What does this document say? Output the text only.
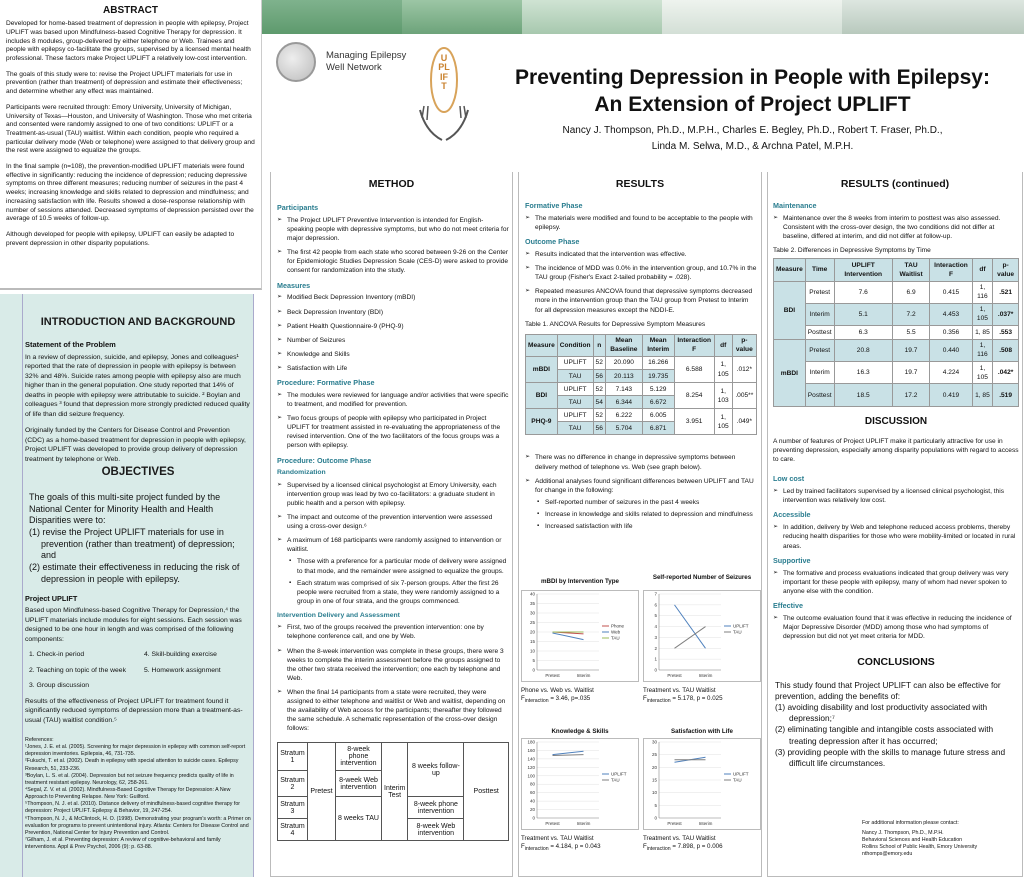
ABSTRACT

Developed for home-based treatment of depression in people with epilepsy, Project UPLIFT was based upon Mindfulness-based Cognitive Therapy for depression. It includes 8 modules, group-delivered by either telephone or Web. Trainees and people with epilepsy co-facilitate the groups, supervised by a licensed mental health professional. These factors make Project UPLIFT a relatively low-cost intervention.

The goals of this study were to: revise the Project UPLIFT materials for use in prevention (rather than treatment) of depression and estimate their effectiveness; and determine whether any effect was maintained.

Participants were recruited through: Emory University, University of Michigan, University of Texas—Houston, and University of Washington. Those who met criteria and consented were randomly assigned to one of two conditions: UPLIFT or a Treatment-as-usual (TAU) waitlist. Within each condition, people who required a particular delivery mode (Web or telephone) were assigned to that delivery group and the rest were assigned to equalize the groups.

In the final sample (n=108), the prevention-modified UPLIFT materials were found effective in significantly: reducing the incidence of depression; reducing depressive symptoms on three different measures; reducing number of seizures in the past 4 weeks; increasing knowledge and skills related to depression and mindfulness; and increasing satisfaction with life. Results showed a dose-response relationship with number of sessions attended. Decreased symptoms of depression persisted over the average of 10.5 weeks of follow-up.

Although developed for people with epilepsy, UPLIFT can easily be adapted to prevent depression in other disparity populations.

Managing Epilepsy
Well Network
UPLIFT	Preventing Depression in People with Epilepsy:
An Extension of Project UPLIFT
Nancy J. Thompson, Ph.D., M.P.H., Charles E. Begley, Ph.D., Robert T. Fraser, Ph.D.,
Linda M. Selwa, M.D., & Archna Patel, M.P.H.
INTRODUCTION AND BACKGROUND
Statement of the Problem

In a review of depression, suicide, and epilepsy, Jones and colleagues¹ reported that the rate of depression in people with epilepsy is between 32% and 48%. Suicide rates among people with epilepsy also are much higher than in the general population. One study reported that 14% of deaths in people with epilepsy were attributable to suicide. ² Boylan and colleagues ³ found that depression more strongly predicted reduced quality of life than did seizure frequency.

Originally funded by the Centers for Disease Control and Prevention (CDC) as a home-based treatment for depression in people with epilepsy, Project UPLIFT was developed to provide group delivery of depression treatment by telephone or Web.

OBJECTIVES
The goals of this multi-site project funded by the National Center for Minority Health and Health Disparities were to:
(1) revise the Project UPLIFT materials for use in prevention (rather than treatment) of depression; and
(2) estimate their effectiveness in reducing the risk of depression in people with epilepsy.
Project UPLIFT

Based upon Mindfulness-based Cognitive Therapy for Depression,⁴ the UPLIFT materials include modules for eight sessions. Each session was designed to be one hour in length and was comprised of the following components:

1. Check-in period	4. Skill-building exercise
2. Teaching on topic of the week	5. Homework assignment
3. Group discussion

Results of the effectiveness of Project UPLIFT for treatment found it significantly reduced symptoms of depression more than a treatment-as-usual (TAU) waitlist condition.⁵

References:
¹Jones, J. E. et al. (2005). Screening for major depression in epilepsy with common self-report depression inventories. Epilepsia, 46, 731-735.
²Fukuchi, T. et al. (2002). Death in epilepsy with special attention to suicide cases. Epilepsy Research, 51, 233-236.
³Boylan, L. S. et al. (2004). Depression but not seizure frequency predicts quality of life in treatment resistant epilepsy. Neurology, 62, 258-261.
⁴Segal, Z. V. et al. (2002). Mindfulness-Based Cognitive Therapy for Depression: A New Approach to Preventing Relapse. New York: Guilford.
⁵Thompson, N. J. et al. (2010). Distance delivery of mindfulness-based cognitive therapy for depression: Project UPLIFT. Epilepsy & Behavior, 19, 247-254.
⁶Thompson, N. J., & McClintock, H. O. (1998). Demonstrating your program's worth: a Primer on evaluation for programs to prevent unintentional injury. Atlanta: Centers for Disease Control and Prevention, National Center for Injury Prevention and Control.
⁷Gilham, J. et al. Preventing depression: A review of cognitive-behavioral and family interventions. Appl & Prev Psychol, 2006 (9): p. 63-88.
METHOD
Participants
➢ The Project UPLIFT Preventive Intervention is intended for English-speaking people with depressive symptoms, but who do not meet criteria for major depression.
➢ The first 42 people from each state who scored between 9-26 on the Center for Epidemiologic Studies Depression Scale (CES-D) were asked to provide consent for randomization into the study.
Measures
➢ Modified Beck Depression Inventory (mBDI)
➢ Beck Depression Inventory (BDI)
➢ Patient Health Questionnaire-9 (PHQ-9)
➢ Number of Seizures
➢ Knowledge and Skills
➢ Satisfaction with Life
Procedure: Formative Phase
➢ The modules were reviewed for language and/or activities that were specific to treatment, and modified for prevention.
➢ Two focus groups of people with epilepsy who participated in Project UPLIFT for treatment assisted in re-evaluating the appropriateness of the revised intervention. One of the two facilitators of the focus groups was a person with epilepsy.
Procedure: Outcome Phase
Randomization
➢ Supervised by a licensed clinical psychologist at Emory University, each intervention group was lead by two co-facilitators: a graduate student in public health and a person with epilepsy.
➢ The impact and outcome of the prevention intervention were assessed using a cross-over design.⁶
➢ A maximum of 168 participants were randomly assigned to intervention or waitlist.
▪ Those with a preference for a particular mode of delivery were assigned to that mode, and the remainder were assigned to equalize the groups.
▪ Each stratum was comprised of six 7-person groups. After the first 26 people were recruited from a state, they were randomly assigned to a group in one of four strata, and the groups commenced.
Intervention Delivery and Assessment
➢ First, two of the groups received the prevention intervention: one by telephone conference call, and one by Web.
➢ When the 8-week intervention was complete in these groups, there were 3 weeks to complete the interim assessment before the groups assigned to the other two strata received the intervention; one each by telephone and Web.
➢ When the final 14 participants from a state were recruited, they were assigned to either telephone and waitlist or Web and waitlist, depending on the availability of Web access for the participants; thereafter they followed the same schedule. A schematic representation of the cross-over design follows:
Stratum 1	Pretest	8-week phone intervention	Interim Test	8 weeks follow-up	Posttest
Stratum 2		8-week Web intervention			
Stratum 3		8 weeks TAU		8-week phone intervention	
Stratum 4				8-week Web intervention	
RESULTS
Formative Phase
➢ The materials were modified and found to be acceptable to the people with epilepsy.
Outcome Phase
➢ Results indicated that the intervention was effective.
➢ The incidence of MDD was 0.0% in the intervention group, and 10.7% in the TAU group (Fisher's Exact 2-tailed probability = .028).
➢ Repeated measures ANCOVA found that depressive symptoms decreased more in the intervention group than the TAU group from Pretest to Interim for all depression measures except the NDDI-E.
Table 1. ANCOVA Results for Depressive Symptom Measures
Measure	Condition	n	Mean Baseline	Mean Interim	Interaction F	df	p-value
mBDI	UPLIFT	52	20.090	16.266	6.588	1, 105	.012*
	TAU	56	20.113	19.735			
BDI	UPLIFT	52	7.143	5.129	8.254	1, 103	.005**
	TAU	54	6.344	6.672			
PHQ-9	UPLIFT	52	6.222	6.005	3.951	1, 105	.049*
	TAU	56	5.704	6.871			
➢ There was no difference in change in depressive symptoms between delivery method of telephone vs. Web (see graph below).
➢ Additional analyses found significant differences between UPLIFT and TAU for change in the following:
▪ Self-reported number of seizures in the past 4 weeks
▪ Increase in knowledge and skills related to depression and mindfulness
▪ Increased satisfaction with life
mBDI by Intervention Type
0
5
10
15
20
25
30
35
40
Pretest	Interim
Phone
Web
TAU
Phone vs. Web vs. Waitlist
$F_{interaction} = 3.46$, p=.035
Self-reported Number of Seizures
0
1
2
3
4
5
6
7
Pretest	Interim
UPLIFT
TAU
Treatment vs. TAU Waitlist
$F_{interaction} = 5.178$, p = 0.025
Knowledge & Skills
0
20
40
60
80
100
120
140
160
180
Pretest	Interim
UPLIFT
TAU
Treatment vs. TAU Waitlist
$F_{interaction} = 4.184$, p = 0.043
Satisfaction with Life
0
5
10
15
20
25
30
Pretest	Interim
UPLIFT
TAU
Treatment vs. TAU Waitlist
$F_{interaction} = 7.898$, p = 0.006
RESULTS (continued)
Maintenance
➢ Maintenance over the 8 weeks from interim to posttest was also assessed. Consistent with the cross-over design, the two conditions did not differ at baseline, differed at interim, and did not differ at follow-up.
Table 2. Differences in Depressive Symptoms by Time
Measure	Time	UPLIFT Intervention	TAU Waitlist	Interaction F	df	p-value
BDI	Pretest	7.6	6.9	0.415	1, 116	.521
	Interim	5.1	7.2	4.453	1, 105	.037*
	Posttest	6.3	5.5	0.356	1, 85	.553
mBDI	Pretest	20.8	19.7	0.440	1, 116	.508
	Interim	16.3	19.7	4.224	1, 105	.042*
	Posttest	18.5	17.2	0.419	1, 85	.519
DISCUSSION
A number of features of Project UPLIFT make it particularly attractive for use in preventing depression, especially among disparity populations with regard to access to care.
Low cost
➢ Led by trained facilitators supervised by a licensed clinical psychologist, this intervention was relatively low cost.
Accessible
➢ In addition, delivery by Web and telephone reduced access problems, thereby reducing health disparities for those who were mobility-limited or located in rural areas.
Supportive
➢ The formative and process evaluations indicated that group delivery was very important for these people with epilepsy, many of whom had never spoken to anyone else with the condition.
Effective
➢ The outcome evaluation found that it was effective in reducing the incidence of Major Depressive Disorder (MDD) among those who had symptoms of depression but did not yet meet criteria for MDD.
CONCLUSIONS
This study found that Project UPLIFT can also be effective for prevention, adding the benefits of:
(1) avoiding disability and lost productivity associated with depression;⁷
(2) eliminating tangible and intangible costs associated with treating depression after it has occurred;
(3) providing people with the skills to manage future stress and difficult life circumstances.
For additional information please contact:
Nancy J. Thompson, Ph.D., M.P.H.
Behavioral Sciences and Health Education
Rollins School of Public Health, Emory University
nthomps@emory.edu
